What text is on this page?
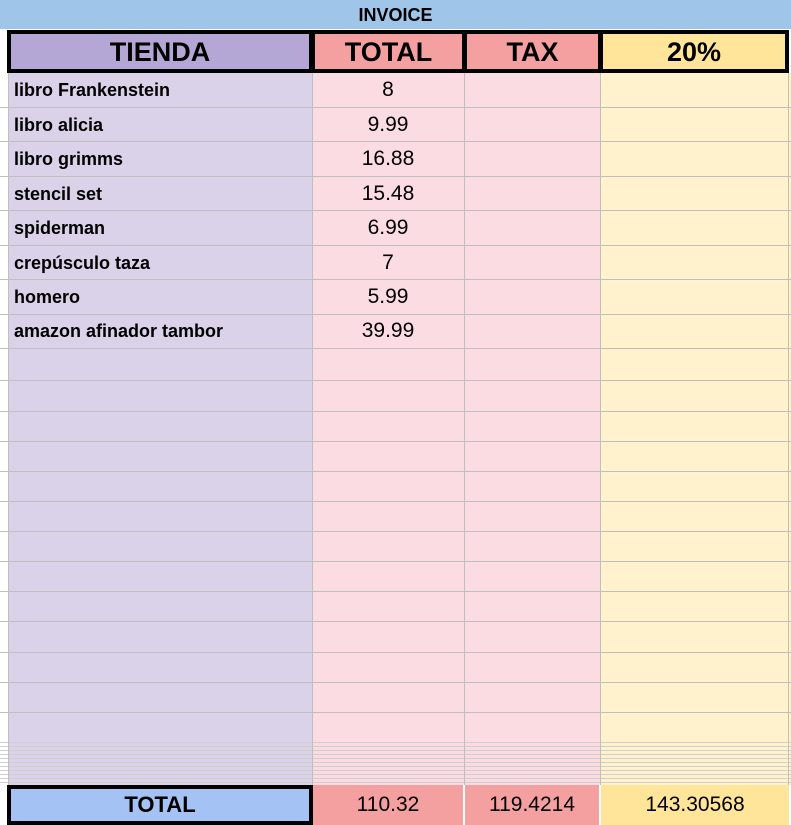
INVOICE
TIENDA	TOTAL	TAX	20%
libro Frankenstein	8
libro alicia	9.99
libro grimms	16.88
stencil set	15.48
spiderman	6.99
crepúsculo taza	7
homero	5.99
amazon afinador tambor	39.99
TOTAL	110.32	119.4214	143.30568
